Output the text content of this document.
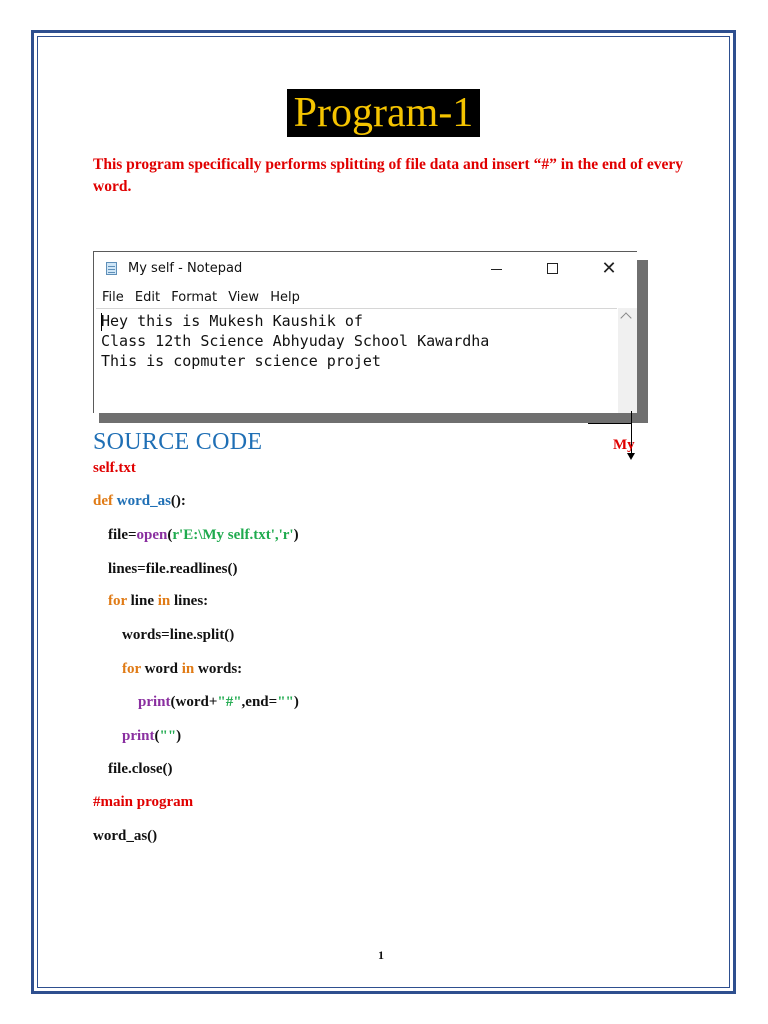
Program-1
This program specifically performs splitting of file data and insert “#” in the end of every word.
My self - Notepad	✕
File Edit Format View Help
Hey this is Mukesh Kaushik of
Class 12th Science Abhyuday School Kawardha
This is copmuter science projet
My
SOURCE CODE
self.txt
def word_as():
file=open(r'E:\My self.txt','r')
lines=file.readlines()
for line in lines:
words=line.split()
for word in words:
print(word+"#",end="")
print("")
file.close()
#main program
word_as()
1
